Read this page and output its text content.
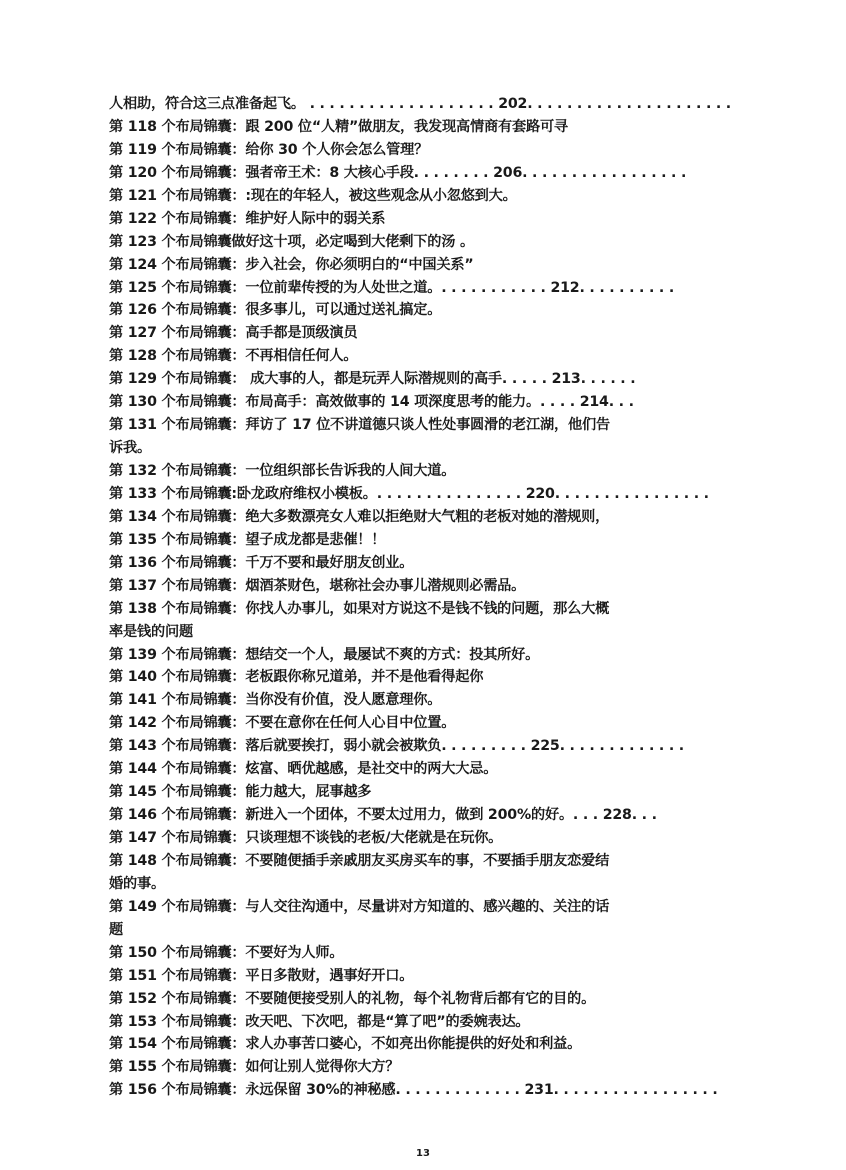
人相助，符合这三点准备起飞。 . . . . . . . . . . . . . . . . . . . 202. . . . . . . . . . . . . . . . . . . . .
第 118 个布局锦囊：跟 200 位“人精”做朋友，我发现高情商有套路可寻
第 119 个布局锦囊：给你 30 个人你会怎么管理？
第 120 个布局锦囊：强者帝王术：8 大核心手段. . . . . . . . 206. . . . . . . . . . . . . . . . .
第 121 个布局锦囊：:现在的年轻人，被这些观念从小忽悠到大。
第 122 个布局锦囊：维护好人际中的弱关系
第 123 个布局锦囊做好这十项，必定喝到大佬剩下的汤 。
第 124 个布局锦囊：步入社会，你必须明白的“中国关系”
第 125 个布局锦囊：一位前辈传授的为人处世之道。. . . . . . . . . . . 212. . . . . . . . . .
第 126 个布局锦囊：很多事儿，可以通过送礼搞定。
第 127 个布局锦囊：高手都是顶级演员
第 128 个布局锦囊：不再相信任何人。
第 129 个布局锦囊： 成大事的人，都是玩弄人际潜规则的高手. . . . . 213. . . . . .
第 130 个布局锦囊：布局高手：高效做事的 14 项深度思考的能力。. . . . 214. . .
第 131 个布局锦囊：拜访了 17 位不讲道德只谈人性处事圆滑的老江湖，他们告
诉我。
第 132 个布局锦囊：一位组织部长告诉我的人间大道。
第 133 个布局锦囊:卧龙政府维权小模板。. . . . . . . . . . . . . . . 220. . . . . . . . . . . . . . . .
第 134 个布局锦囊：绝大多数漂亮女人难以拒绝财大气粗的老板对她的潜规则，
第 135 个布局锦囊：望子成龙都是悲催！！
第 136 个布局锦囊：千万不要和最好朋友创业。
第 137 个布局锦囊：烟酒茶财色，堪称社会办事儿潜规则必需品。
第 138 个布局锦囊：你找人办事儿，如果对方说这不是钱不钱的问题，那么大概
率是钱的问题
第 139 个布局锦囊：想结交一个人，最屡试不爽的方式：投其所好。
第 140 个布局锦囊：老板跟你称兄道弟，并不是他看得起你
第 141 个布局锦囊：当你没有价值，没人愿意理你。
第 142 个布局锦囊：不要在意你在任何人心目中位置。
第 143 个布局锦囊：落后就要挨打，弱小就会被欺负. . . . . . . . . 225. . . . . . . . . . . . .
第 144 个布局锦囊：炫富、晒优越感，是社交中的两大大忌。
第 145 个布局锦囊：能力越大，屁事越多
第 146 个布局锦囊：新进入一个团体，不要太过用力，做到 200%的好。. . . 228. . .
第 147 个布局锦囊：只谈理想不谈钱的老板/大佬就是在玩你。
第 148 个布局锦囊：不要随便插手亲戚朋友买房买车的事，不要插手朋友恋爱结
婚的事。
第 149 个布局锦囊：与人交往沟通中，尽量讲对方知道的、感兴趣的、关注的话
题
第 150 个布局锦囊：不要好为人师。
第 151 个布局锦囊：平日多散财，遇事好开口。
第 152 个布局锦囊：不要随便接受别人的礼物，每个礼物背后都有它的目的。
第 153 个布局锦囊：改天吧、下次吧，都是“算了吧”的委婉表达。
第 154 个布局锦囊：求人办事苦口婆心，不如亮出你能提供的好处和利益。
第 155 个布局锦囊：如何让别人觉得你大方？
第 156 个布局锦囊：永远保留 30%的神秘感. . . . . . . . . . . . . 231. . . . . . . . . . . . . . . . .
13
